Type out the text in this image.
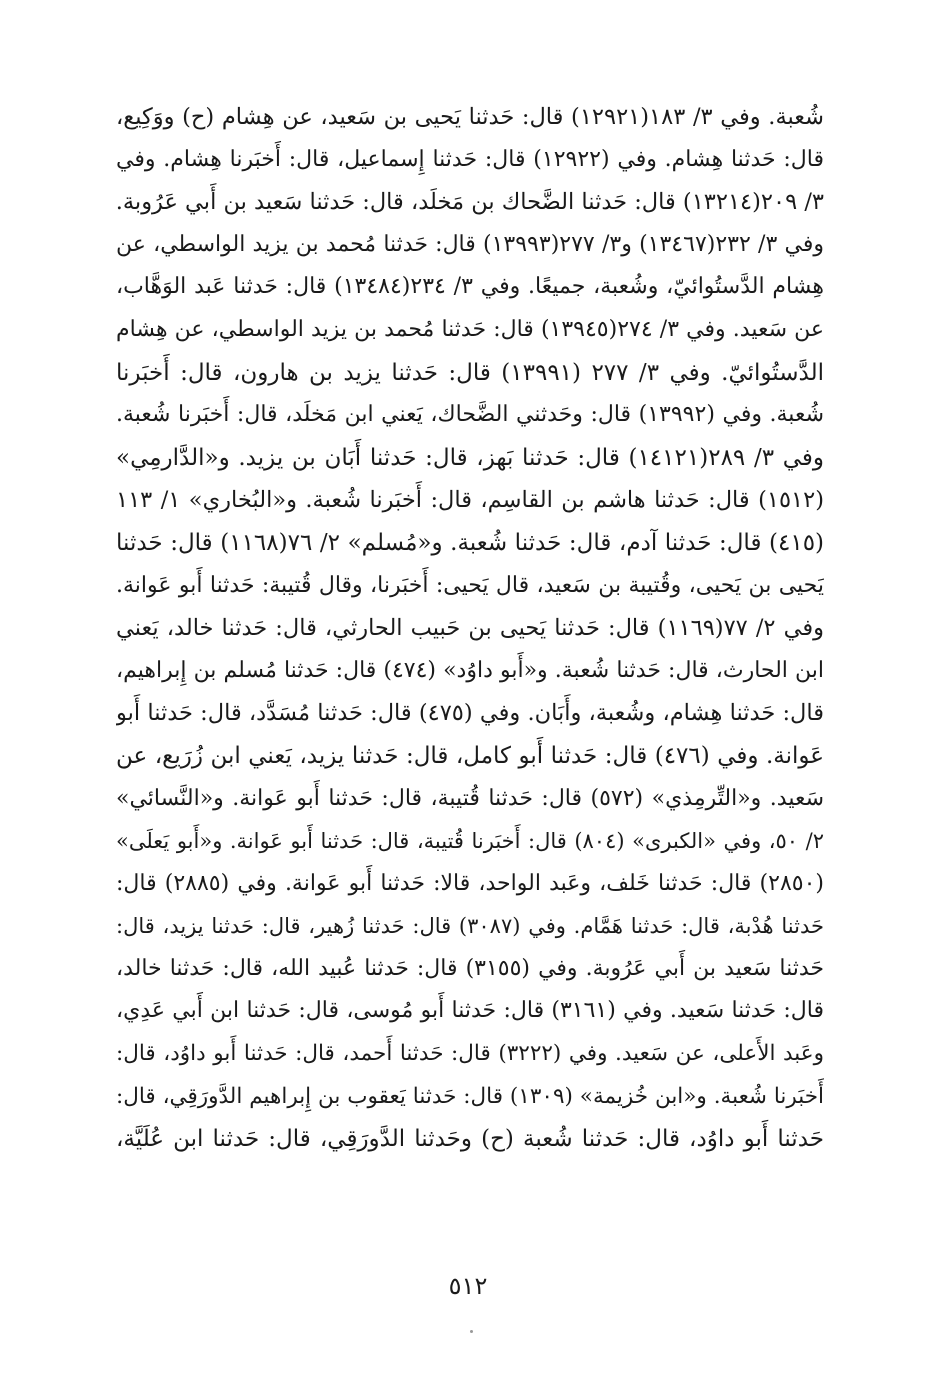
شُعبة. وفي ٣/ ١٨٣(١٢٩٢١) قال: حَدثنا يَحيى بن سَعيد، عن هِشام (ح) ووَكِيع،
قال: حَدثنا هِشام. وفي (١٢٩٢٢) قال: حَدثنا إِسماعيل، قال: أَخبَرنا هِشام. وفي
٣/ ٢٠٩(١٣٢١٤) قال: حَدثنا الضَّحاك بن مَخلَد، قال: حَدثنا سَعيد بن أَبي عَرُوبة.
وفي ٣/ ٢٣٢(١٣٤٦٧) و٣/ ٢٧٧(١٣٩٩٣) قال: حَدثنا مُحمد بن يزيد الواسطي، عن
هِشام الدَّستُوائيّ، وشُعبة، جميعًا. وفي ٣/ ٢٣٤(١٣٤٨٤) قال: حَدثنا عَبد الوَهَّاب،
عن سَعيد. وفي ٣/ ٢٧٤(١٣٩٤٥) قال: حَدثنا مُحمد بن يزيد الواسطي، عن هِشام
الدَّستُوائيّ. وفي ٣/ ٢٧٧ (١٣٩٩١) قال: حَدثنا يزيد بن هارون، قال: أَخبَرنا
شُعبة. وفي (١٣٩٩٢) قال: وحَدثني الضَّحاك، يَعني ابن مَخلَد، قال: أَخبَرنا شُعبة.
وفي ٣/ ٢٨٩(١٤١٢١) قال: حَدثنا بَهز، قال: حَدثنا أَبَان بن يزيد. و«الدَّارمِي»
(١٥١٢) قال: حَدثنا هاشم بن القاسِم، قال: أَخبَرنا شُعبة. و«البُخاري» ١/ ١١٣
(٤١٥) قال: حَدثنا آدم، قال: حَدثنا شُعبة. و«مُسلم» ٢/ ٧٦(١١٦٨) قال: حَدثنا
يَحيى بن يَحيى، وقُتيبة بن سَعيد، قال يَحيى: أَخبَرنا، وقال قُتيبة: حَدثنا أَبو عَوانة.
وفي ٢/ ٧٧(١١٦٩) قال: حَدثنا يَحيى بن حَبيب الحارثي، قال: حَدثنا خالد، يَعني
ابن الحارث، قال: حَدثنا شُعبة. و«أَبو داوُد» (٤٧٤) قال: حَدثنا مُسلم بن إِبراهيم،
قال: حَدثنا هِشام، وشُعبة، وأَبَان. وفي (٤٧٥) قال: حَدثنا مُسَدَّد، قال: حَدثنا أَبو
عَوانة. وفي (٤٧٦) قال: حَدثنا أَبو كامل، قال: حَدثنا يزيد، يَعني ابن زُرَيع، عن
سَعيد. و«التِّرمِذي» (٥٧٢) قال: حَدثنا قُتيبة، قال: حَدثنا أَبو عَوانة. و«النَّسائي»
٢/ ٥٠، وفي «الكبرى» (٨٠٤) قال: أَخبَرنا قُتيبة، قال: حَدثنا أَبو عَوانة. و«أَبو يَعلَى»
(٢٨٥٠) قال: حَدثنا خَلف، وعَبد الواحد، قالا: حَدثنا أَبو عَوانة. وفي (٢٨٨٥) قال:
حَدثنا هُدْبة، قال: حَدثنا هَمَّام. وفي (٣٠٨٧) قال: حَدثنا زُهير، قال: حَدثنا يزيد، قال:
حَدثنا سَعيد بن أَبي عَرُوبة. وفي (٣١٥٥) قال: حَدثنا عُبيد الله، قال: حَدثنا خالد،
قال: حَدثنا سَعيد. وفي (٣١٦١) قال: حَدثنا أَبو مُوسى، قال: حَدثنا ابن أَبي عَدِي،
وعَبد الأَعلى، عن سَعيد. وفي (٣٢٢٢) قال: حَدثنا أَحمد، قال: حَدثنا أَبو داوُد، قال:
أَخبَرنا شُعبة. و«ابن خُزيمة» (١٣٠٩) قال: حَدثنا يَعقوب بن إِبراهيم الدَّورَقِي، قال:
حَدثنا أَبو داوُد، قال: حَدثنا شُعبة (ح) وحَدثنا الدَّورَقِي، قال: حَدثنا ابن عُلَيَّة،
٥١٢
